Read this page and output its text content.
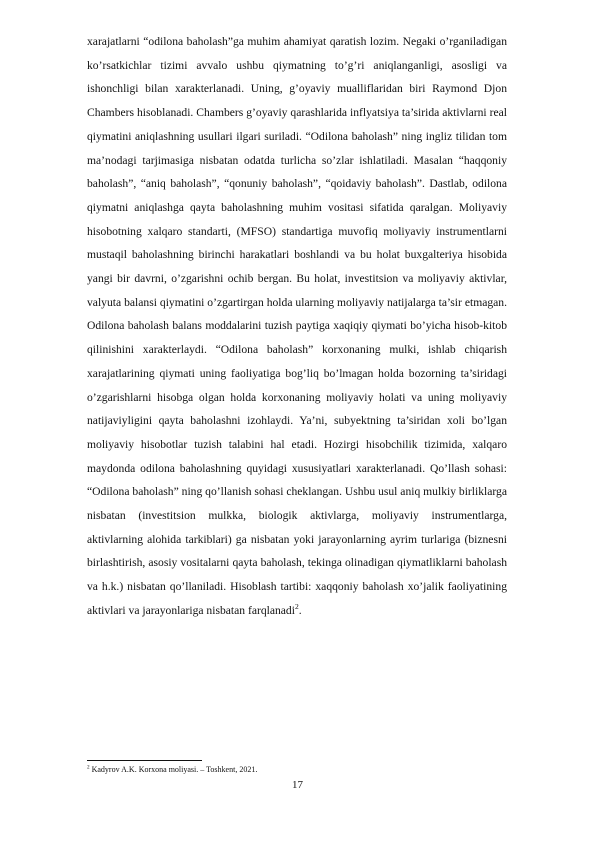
xarajatlarni “odilona baholash”ga muhim ahamiyat qaratish lozim. Negaki o’rganiladigan ko’rsatkichlar tizimi avvalo ushbu qiymatning to’g’ri aniqlanganligi, asosligi va ishonchligi bilan xarakterlanadi. Uning, g’oyaviy mualliflaridan biri Raymond Djon Chambers hisoblanadi. Chambers g’oyaviy qarashlarida inflyatsiya ta’sirida aktivlarni real qiymatini aniqlashning usullari ilgari suriladi. “Odilona baholash” ning ingliz tilidan tom ma’nodagi tarjimasiga nisbatan odatda turlicha so’zlar ishlatiladi. Masalan “haqqoniy baholash”, “aniq baholash”, “qonuniy baholash”, “qoidaviy baholash”. Dastlab, odilona qiymatni aniqlashga qayta baholashning muhim vositasi sifatida qaralgan. Moliyaviy hisobotning xalqaro standarti, (MFSO) standartiga muvofiq moliyaviy instrumentlarni mustaqil baholashning birinchi harakatlari boshlandi va bu holat buxgalteriya hisobida yangi bir davrni, o’zgarishni ochib bergan. Bu holat, investitsion va moliyaviy aktivlar, valyuta balansi qiymatini o’zgartirgan holda ularning moliyaviy natijalarga ta’sir etmagan. Odilona baholash balans moddalarini tuzish paytiga xaqiqiy qiymati bo’yicha hisob-kitob qilinishini xarakterlaydi. “Odilona baholash” korxonaning mulki, ishlab chiqarish xarajatlarining qiymati uning faoliyatiga bog’liq bo’lmagan holda bozorning ta’siridagi o’zgarishlarni hisobga olgan holda korxonaning moliyaviy holati va uning moliyaviy natijaviyligini qayta baholashni izohlaydi. Ya’ni, subyektning ta’siridan xoli bo’lgan moliyaviy hisobotlar tuzish talabini hal etadi. Hozirgi hisobchilik tizimida, xalqaro maydonda odilona baholashning quyidagi xususiyatlari xarakterlanadi. Qo’llash sohasi: “Odilona baholash” ning qo’llanish sohasi cheklangan. Ushbu usul aniq mulkiy birliklarga nisbatan (investitsion mulkka, biologik aktivlarga, moliyaviy instrumentlarga, aktivlarning alohida tarkiblari) ga nisbatan yoki jarayonlarning ayrim turlariga (biznesni birlashtirish, asosiy vositalarni qayta baholash, tekinga olinadigan qiymatliklarni baholash va h.k.) nisbatan qo’llaniladi. Hisoblash tartibi: xaqqoniy baholash xo’jalik faoliyatining aktivlari va jarayonlariga nisbatan farqlanadi$^2$.

$^2$ Kadyrov A.K. Korxona moliyasi. – Toshkent, 2021.

17
